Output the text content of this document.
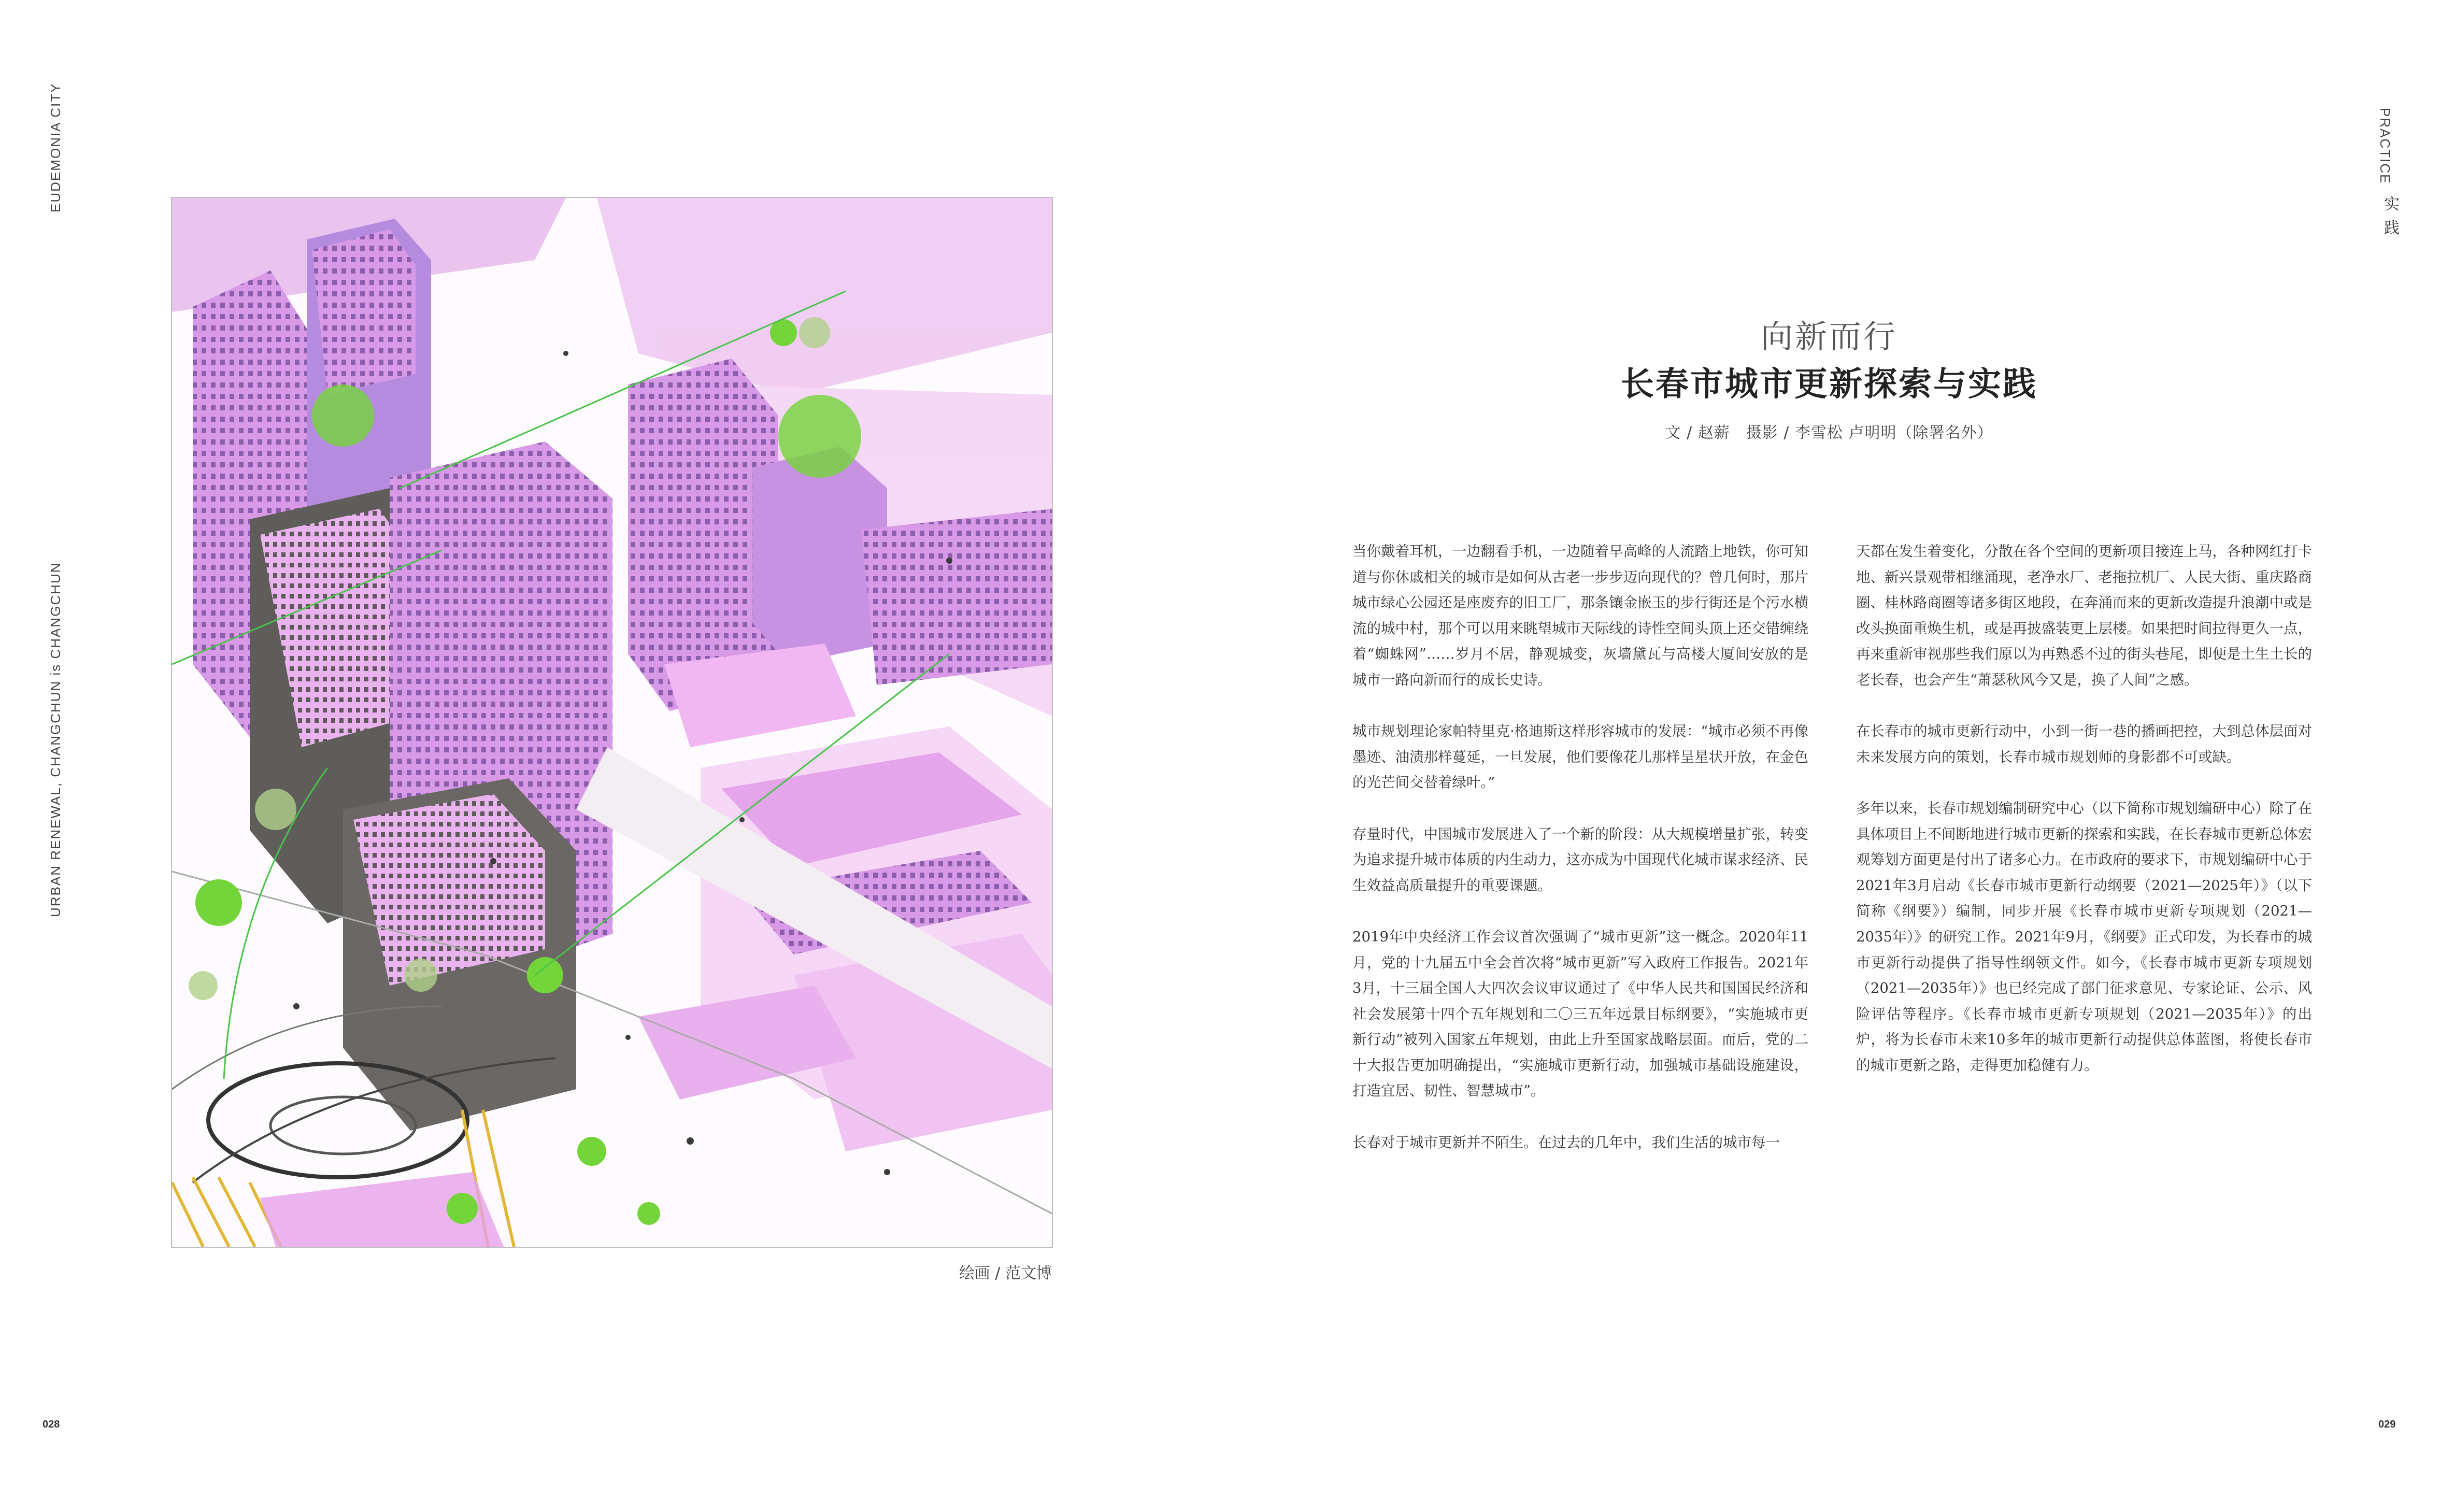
EUDEMONIA CITY
URBAN RENEWAL, CHANGCHUN is CHANGCHUN
PRACTICE
实践
绘画 / 范文博
向新而行
长春市城市更新探索与实践
文 / 赵薪　摄影 / 李雪松 卢明明（除署名外）

当你戴着耳机，一边翻看手机，一边随着早高峰的人流踏上地铁，你可知道与你休戚相关的城市是如何从古老一步步迈向现代的？曾几何时，那片城市绿心公园还是座废弃的旧工厂，那条镶金嵌玉的步行街还是个污水横流的城中村，那个可以用来眺望城市天际线的诗性空间头顶上还交错缠绕着“蜘蛛网”……岁月不居，静观城变，灰墙黛瓦与高楼大厦间安放的是城市一路向新而行的成长史诗。

城市规划理论家帕特里克·格迪斯这样形容城市的发展：“城市必须不再像墨迹、油渍那样蔓延，一旦发展，他们要像花儿那样呈星状开放，在金色的光芒间交替着绿叶。”

存量时代，中国城市发展进入了一个新的阶段：从大规模增量扩张，转变为追求提升城市体质的内生动力，这亦成为中国现代化城市谋求经济、民生效益高质量提升的重要课题。

2019年中央经济工作会议首次强调了“城市更新”这一概念。2020年11月，党的十九届五中全会首次将“城市更新”写入政府工作报告。2021年3月，十三届全国人大四次会议审议通过了《中华人民共和国国民经济和社会发展第十四个五年规划和二〇三五年远景目标纲要》，“实施城市更新行动”被列入国家五年规划，由此上升至国家战略层面。而后，党的二十大报告更加明确提出，“实施城市更新行动，加强城市基础设施建设，打造宜居、韧性、智慧城市”。

长春对于城市更新并不陌生。在过去的几年中，我们生活的城市每一

天都在发生着变化，分散在各个空间的更新项目接连上马，各种网红打卡地、新兴景观带相继涌现，老净水厂、老拖拉机厂、人民大街、重庆路商圈、桂林路商圈等诸多街区地段，在奔涌而来的更新改造提升浪潮中或是改头换面重焕生机，或是再披盛装更上层楼。如果把时间拉得更久一点，再来重新审视那些我们原以为再熟悉不过的街头巷尾，即便是土生土长的老长春，也会产生“萧瑟秋风今又是，换了人间”之感。

在长春市的城市更新行动中，小到一街一巷的播画把控，大到总体层面对未来发展方向的策划，长春市城市规划师的身影都不可或缺。

多年以来，长春市规划编制研究中心（以下简称市规划编研中心）除了在具体项目上不间断地进行城市更新的探索和实践，在长春城市更新总体宏观筹划方面更是付出了诸多心力。在市政府的要求下，市规划编研中心于2021年3月启动《长春市城市更新行动纲要（2021—2025年）》（以下简称《纲要》）编制，同步开展《长春市城市更新专项规划（2021—2035年）》的研究工作。2021年9月，《纲要》正式印发，为长春市的城市更新行动提供了指导性纲领文件。如今，《长春市城市更新专项规划（2021—2035年）》也已经完成了部门征求意见、专家论证、公示、风险评估等程序。《长春市城市更新专项规划（2021—2035年）》的出炉，将为长春市未来10多年的城市更新行动提供总体蓝图，将使长春市的城市更新之路，走得更加稳健有力。

028	029
